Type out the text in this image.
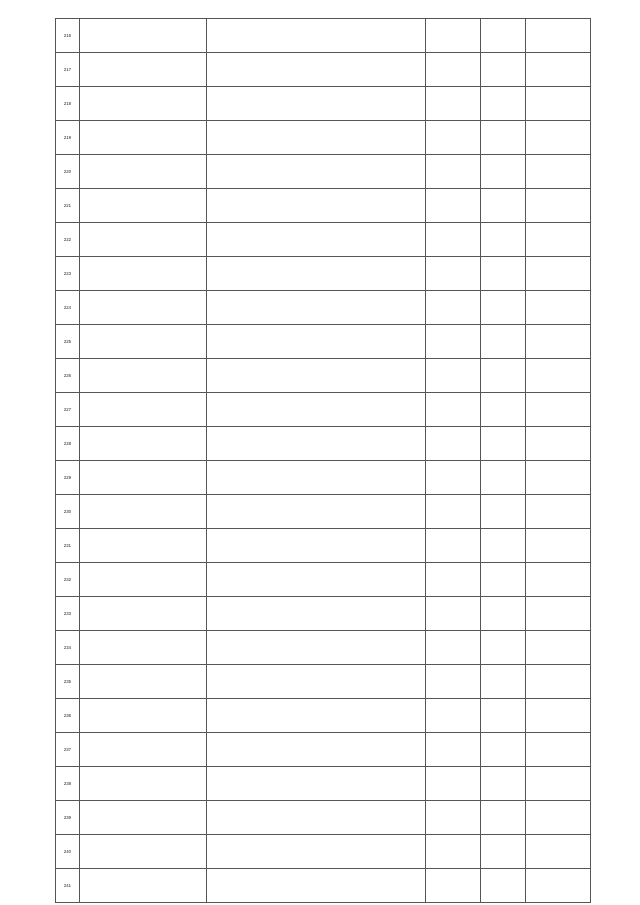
216		

217		

218		

219		

220		

221		

222		

223		

224		

225		

226		

227		

228		

229		

230		

231		

232		

233		

234		

235		

236		

237		

238		

239		

240		

241		
